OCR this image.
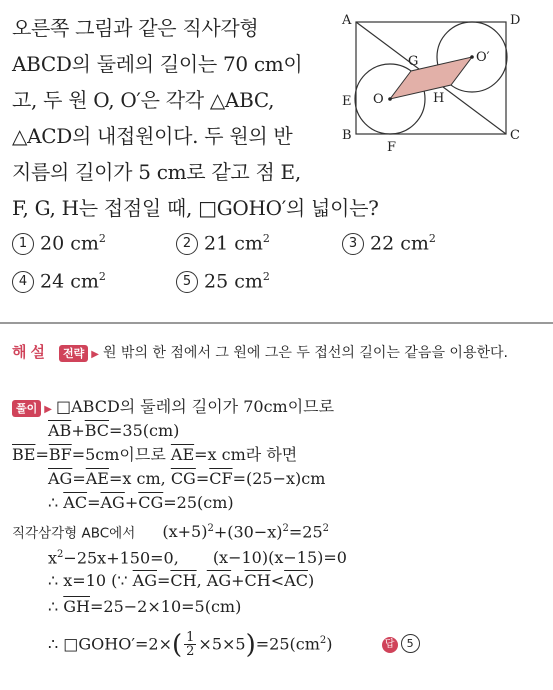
오른쪽 그림과 같은 직사각형
ABCD의 둘레의 길이는 70 cm이
고, 두 원 O, O′은 각각 △ABC,
△ACD의 내접원이다. 두 원의 반
지름의 길이가 5 cm로 같고 점 E,
F, G, H는 접점일 때, □GOHO′의 넓이는?
A	D
B	C
E
F
G
H
O
O′
1 20 $cm^2$	2 21 $cm^2$	3 22 $cm^2$
4 24 $cm^2$	5 25 $cm^2$
해설 전략 ▶ 원 밖의 한 점에서 그 원에 그은 두 접선의 길이는 같음을 이용한다.
풀이 ▶ □ABCD의 둘레의 길이가 70cm이므로
$\overline{AB}+\overline{BC}=35(cm)$
$\overline{BE}=\overline{BF}=5cm$이므로 $\overline{AE}=x$ cm라 하면
$\overline{AG}=\overline{AE}=x$ cm, $\overline{CG}=\overline{CF}=(25-x)cm$
∴ $\overline{AC}=\overline{AG}+\overline{CG}=25(cm)$
직각삼각형 ABC에서 $(x+5)^2+(30-x)^2=25^2$
$x^2-25x+150=0$, (x−10)(x−15)=0
∴ x=10 (∵ $\overline{AG}=\overline{CH}$, $\overline{AG}+\overline{CH}<\overline{AC}$)
∴ $\overline{GH}=25-2\times 10=5(cm)$
∴ □GOHO′=2×( $\frac{1}{2} \times 5\times 5)=25(cm^2)$	답 5
